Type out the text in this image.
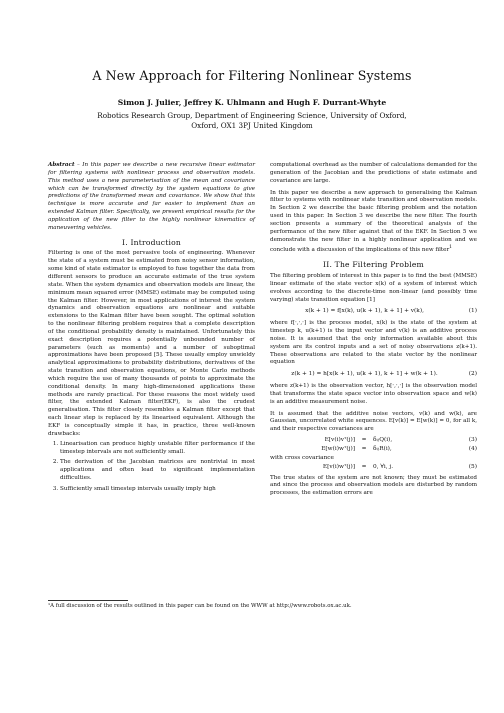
A New Approach for Filtering Nonlinear Systems
Simon J. Julier, Jeffrey K. Uhlmann and Hugh F. Durrant-Whyte
Robotics Research Group, Department of Engineering Science, University of Oxford,
Oxford, OX1 3PJ United Kingdom

Abstract – In this paper we describe a new recursive linear estimator for filtering systems with nonlinear process and observation models. This method uses a new parameterisation of the mean and covariance which can be transformed directly by the system equations to give predictions of the transformed mean and covariance. We show that this technique is more accurate and far easier to implement than an extended Kalman filter. Specifically, we present empirical results for the application of the new filter to the highly nonlinear kinematics of maneuvering vehicles.

I. Introduction

Filtering is one of the most pervasive tools of engineering. Whenever the state of a system must be estimated from noisy sensor information, some kind of state estimator is employed to fuse together the data from different sensors to produce an accurate estimate of the true system state. When the system dynamics and observation models are linear, the minimum mean squared error (MMSE) estimate may be computed using the Kalman filter. However, in most applications of interest the system dynamics and observation equations are nonlinear and suitable extensions to the Kalman filter have been sought. The optimal solution to the nonlinear filtering problem requires that a complete description of the conditional probability density is maintained. Unfortunately this exact description requires a potentially unbounded number of parameters (such as moments) and a number of suboptimal approximations have been proposed [5]. These usually employ unwieldy analytical approximations to probability distributions, derivatives of the state transition and observation equations, or Monte Carlo methods which require the use of many thousands of points to approximate the conditional density. In many high-dimensioned applications these methods are rarely practical. For these reasons the most widely used filter, the extended Kalman filter(EKF), is also the crudest generalisation. This filter closely resembles a Kalman filter except that each linear step is replaced by its linearised equivalent. Although the EKF is conceptually simple it has, in practice, three well-known drawbacks:

1. Linearisation can produce highly unstable filter performance if the timestep intervals are not sufficiently small.
2. The derivation of the Jacobian matrices are nontrivial in most applications and often lead to significant implementation difficulties.
3. Sufficiently small timestep intervals usually imply high

computational overhead as the number of calculations demanded for the generation of the Jacobian and the predictions of state estimate and covariance are large.

In this paper we describe a new approach to generalising the Kalman filter to systems with nonlinear state transition and observation models. In Section 2 we describe the basic filtering problem and the notation used in this paper. In Section 3 we describe the new filter. The fourth section presents a summary of the theoretical analysis of the performance of the new filter against that of the EKF. In Section 5 we demonstrate the new filter in a highly nonlinear application and we conclude with a discussion of the implications of this new filter$^1$

II. The Filtering Problem

The filtering problem of interest in this paper is to find the best (MMSE) linear estimate of the state vector x(k) of a system of interest which evolves according to the discrete-time non-linear (and possibly time varying) state transition equation [1]

x(k + 1) = f[x(k), u(k + 1), k + 1] + v(k),	(1)

where f[·,·,·] is the process model, x(k) is the state of the system at timestep k, u(k+1) is the input vector and v(k) is an additive process noise. It is assumed that the only information available about this system are its control inputs and a set of noisy observations z(k+1). These observations are related to the state vector by the nonlinear equation

z(k + 1) = h[x(k + 1), u(k + 1), k + 1] + w(k + 1).	(2)

where z(k+1) is the observation vector, h[·,·,·] is the observation model that transforms the state space vector into observation space and w(k) is an additive measurement noise.

It is assumed that the additive noise vectors, v(k) and w(k), are Gaussian, uncorrelated white sequences. E[v(k)] = E[w(k)] = 0, for all k, and their respective covariances are

E[v(i)vᵀ(j)]	=	δᵢⱼQ(i),	(3)
E[w(i)wᵀ(j)]	=	δᵢⱼR(i),	(4)
with cross covariance
E[v(i)wᵀ(j)]	=	0, ∀i, j.	(5)

The true states of the system are not known; they must be estimated and since the process and observation models are disturbed by random processes, the estimation errors are

¹A full discussion of the results outlined in this paper can be found on the WWW at http://www.robots.ox.ac.uk.
